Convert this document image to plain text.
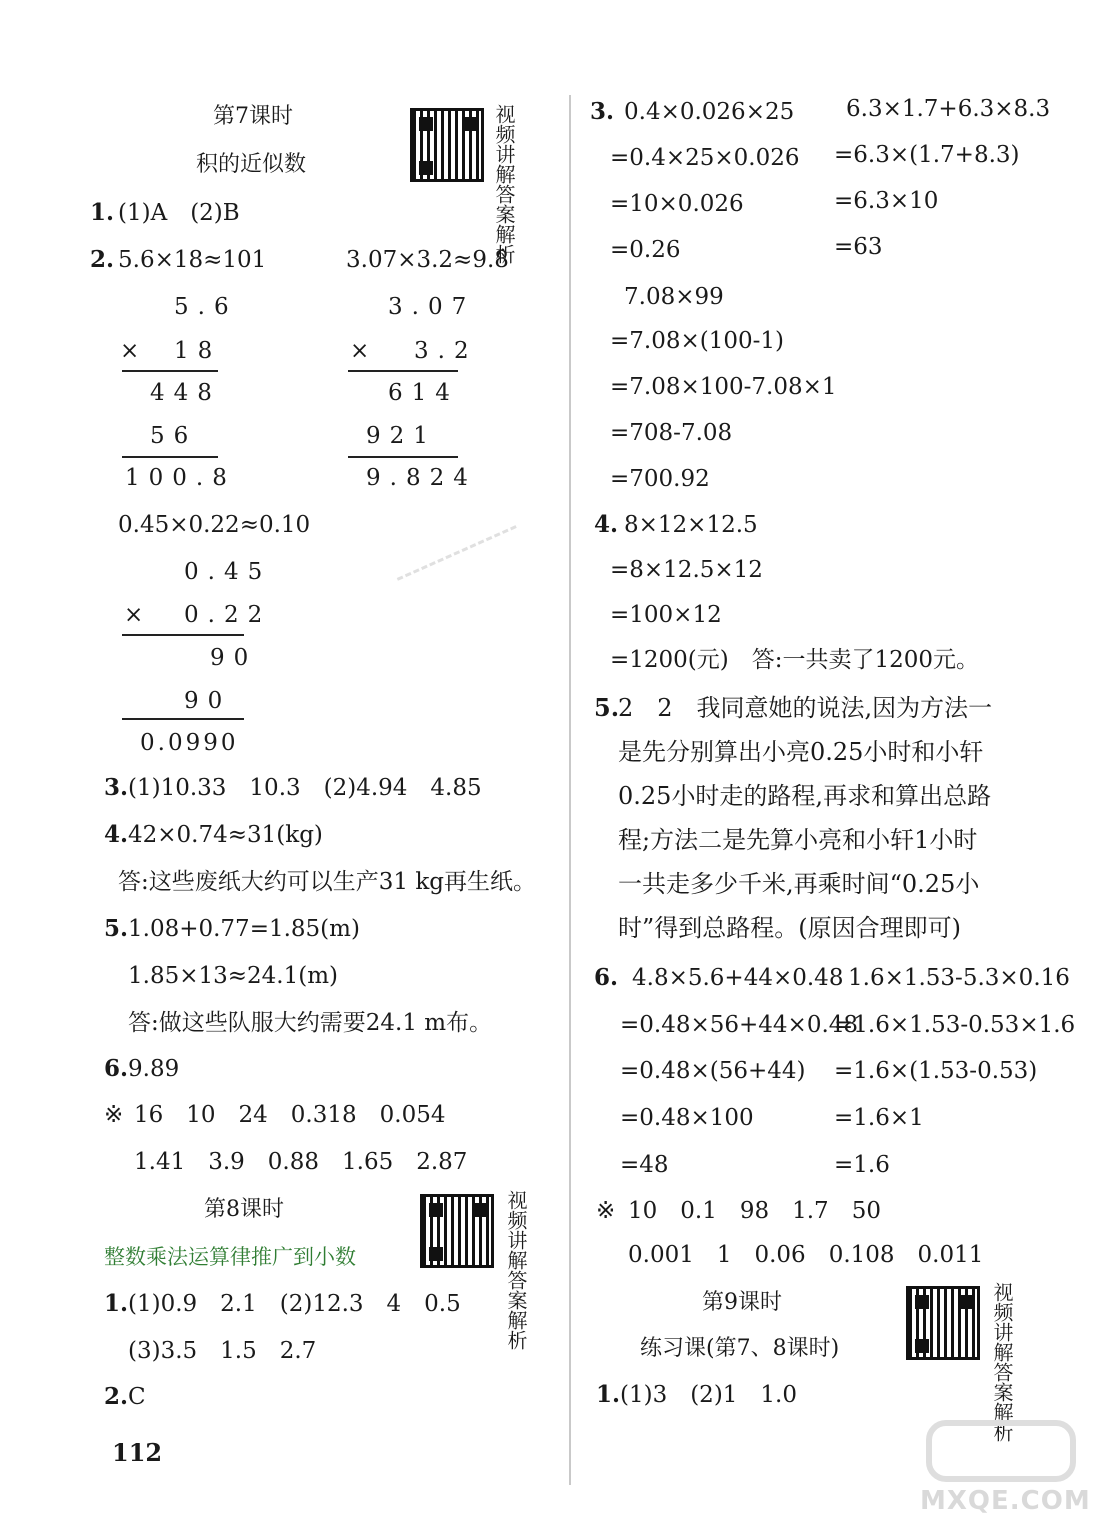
第7课时
积的近似数	视频讲解答案解析
1. (1)A　(2)B
2. 5.6×18≈101	3.07×3.2≈9.8
5.6
× 18
448
56
100.8
3.07
× 3.2
614
921
9.824
0.45×0.22≈0.10
0.45
× 0.22
90
90
0.0990
3. (1)10.33　10.3　(2)4.94　4.85
4. 42×0.74≈31(kg)
答:这些废纸大约可以生产31 kg再生纸。
5. 1.08+0.77=1.85(m)
1.85×13≈24.1(m)
答:做这些队服大约需要24.1 m布。
6. 9.89
※ 16　10　24　0.318　0.054
1.41　3.9　0.88　1.65　2.87
第8课时
整数乘法运算律推广到小数	视频讲解答案解析
1. (1)0.9　2.1　(2)12.3　4　0.5
(3)3.5　1.5　2.7
2. C
112
3. 0.4×0.026×25
=0.4×25×0.026
=10×0.026
=0.26
6.3×1.7+6.3×8.3
=6.3×(1.7+8.3)
=6.3×10
=63
7.08×99
=7.08×(100-1)
=7.08×100-7.08×1
=708-7.08
=700.92
4. 8×12×12.5
=8×12.5×12
=100×12
=1200(元)　答:一共卖了1200元。
5.
2　2　我同意她的说法,因为方法一
是先分别算出小亮0.25小时和小轩
0.25小时走的路程,再求和算出总路
程;方法二是先算小亮和小轩1小时
一共走多少千米,再乘时间“0.25小
时”得到总路程。(原因合理即可)
6. 4.8×5.6+44×0.48
=0.48×56+44×0.48
=0.48×(56+44)
=0.48×100
=48
1.6×1.53-5.3×0.16
=1.6×1.53-0.53×1.6
=1.6×(1.53-0.53)
=1.6×1
=1.6
※ 10　0.1　98　1.7　50
0.001　1　0.06　0.108　0.011
第9课时
练习课(第7、8课时)	视频讲解答案解析
1. (1)3　(2)1　1.0
MXQE.COM
